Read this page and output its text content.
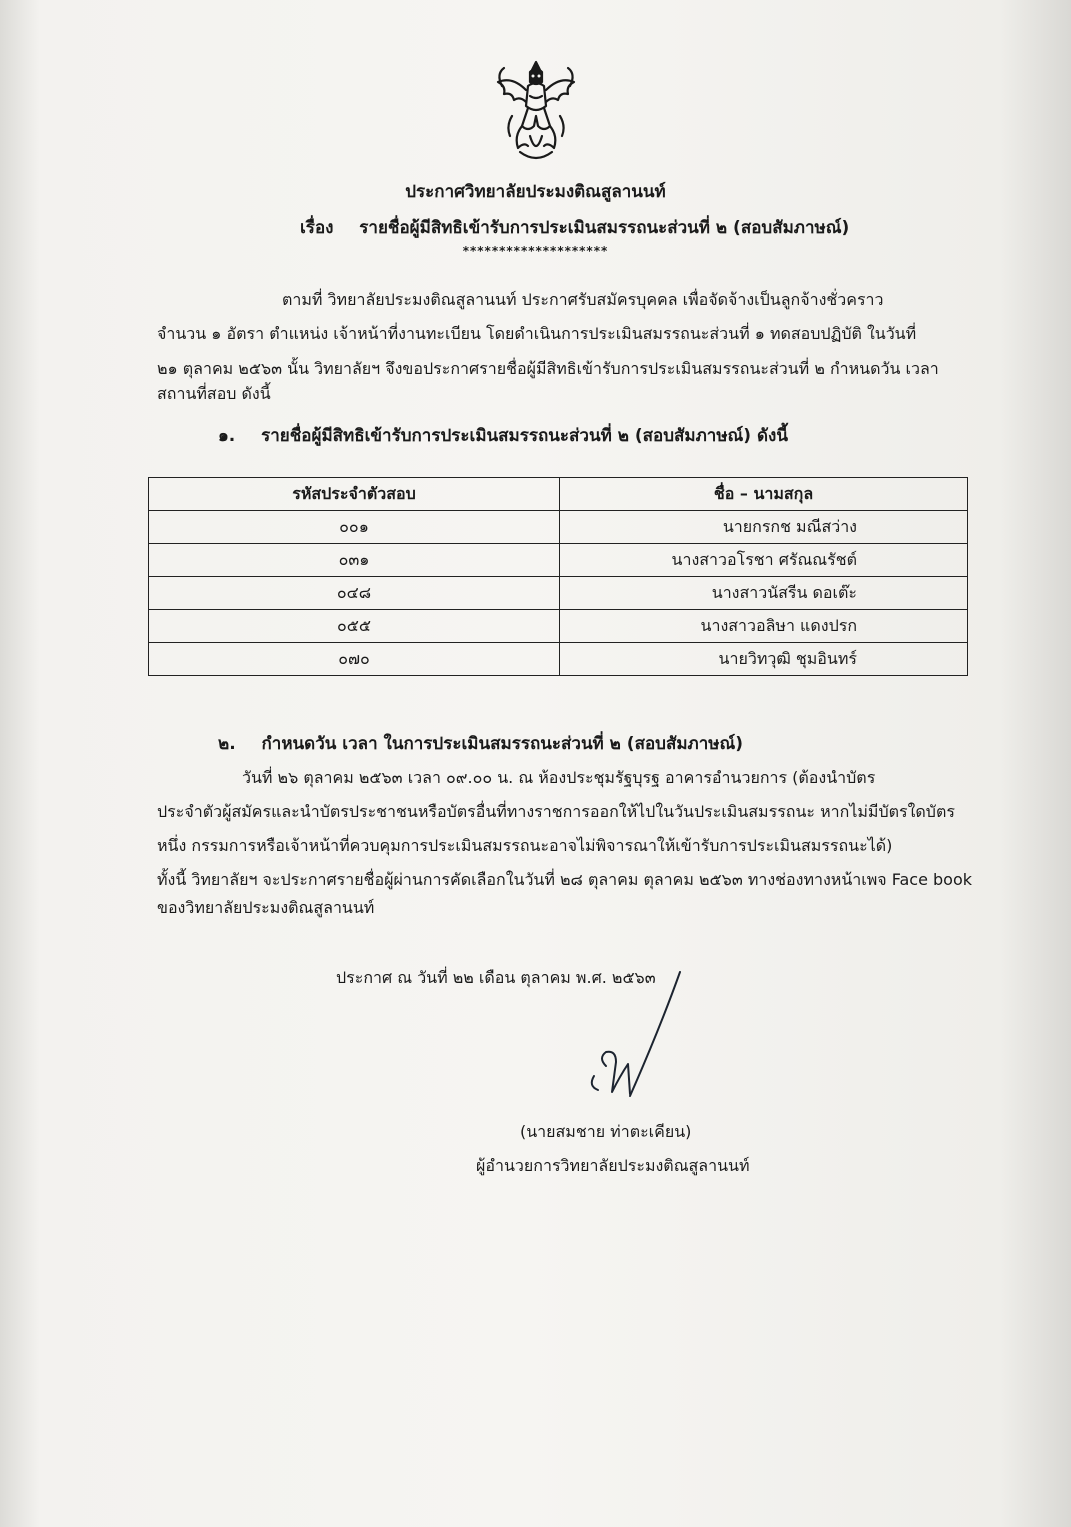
ประกาศวิทยาลัยประมงติณสูลานนท์
เรื่อง รายชื่อผู้มีสิทธิเข้ารับการประเมินสมรรถนะส่วนที่ ๒ (สอบสัมภาษณ์)
********************
ตามที่ วิทยาลัยประมงติณสูลานนท์ ประกาศรับสมัครบุคคล เพื่อจัดจ้างเป็นลูกจ้างชั่วคราว
จำนวน ๑ อัตรา ตำแหน่ง เจ้าหน้าที่งานทะเบียน โดยดำเนินการประเมินสมรรถนะส่วนที่ ๑ ทดสอบปฏิบัติ ในวันที่
๒๑ ตุลาคม ๒๕๖๓ นั้น วิทยาลัยฯ จึงขอประกาศรายชื่อผู้มีสิทธิเข้ารับการประเมินสมรรถนะส่วนที่ ๒ กำหนดวัน เวลา
สถานที่สอบ ดังนี้
๑. รายชื่อผู้มีสิทธิเข้ารับการประเมินสมรรถนะส่วนที่ ๒ (สอบสัมภาษณ์) ดังนี้
รหัสประจำตัวสอบ	ชื่อ – นามสกุล
๐๐๑	นายกรกช มณีสว่าง
๐๓๑	นางสาวอโรชา ศรัณณรัชต์
๐๔๘	นางสาวนัสรีน ดอเต๊ะ
๐๕๕	นางสาวอลิษา แดงปรก
๐๗๐	นายวิทวุฒิ ชุมอินทร์
๒. กำหนดวัน เวลา ในการประเมินสมรรถนะส่วนที่ ๒ (สอบสัมภาษณ์)
วันที่ ๒๖ ตุลาคม ๒๕๖๓ เวลา ๐๙.๐๐ น. ณ ห้องประชุมรัฐบุรฐ อาคารอำนวยการ (ต้องนำบัตร
ประจำตัวผู้สมัครและนำบัตรประชาชนหรือบัตรอื่นที่ทางราชการออกให้ไปในวันประเมินสมรรถนะ หากไม่มีบัตรใดบัตร
หนึ่ง กรรมการหรือเจ้าหน้าที่ควบคุมการประเมินสมรรถนะอาจไม่พิจารณาให้เข้ารับการประเมินสมรรถนะได้)
ทั้งนี้ วิทยาลัยฯ จะประกาศรายชื่อผู้ผ่านการคัดเลือกในวันที่ ๒๘ ตุลาคม ตุลาคม ๒๕๖๓ ทางช่องทางหน้าเพจ Face book
ของวิทยาลัยประมงติณสูลานนท์
ประกาศ ณ วันที่ ๒๒ เดือน ตุลาคม พ.ศ. ๒๕๖๓
(นายสมชาย ท่าตะเคียน)
ผู้อำนวยการวิทยาลัยประมงติณสูลานนท์
